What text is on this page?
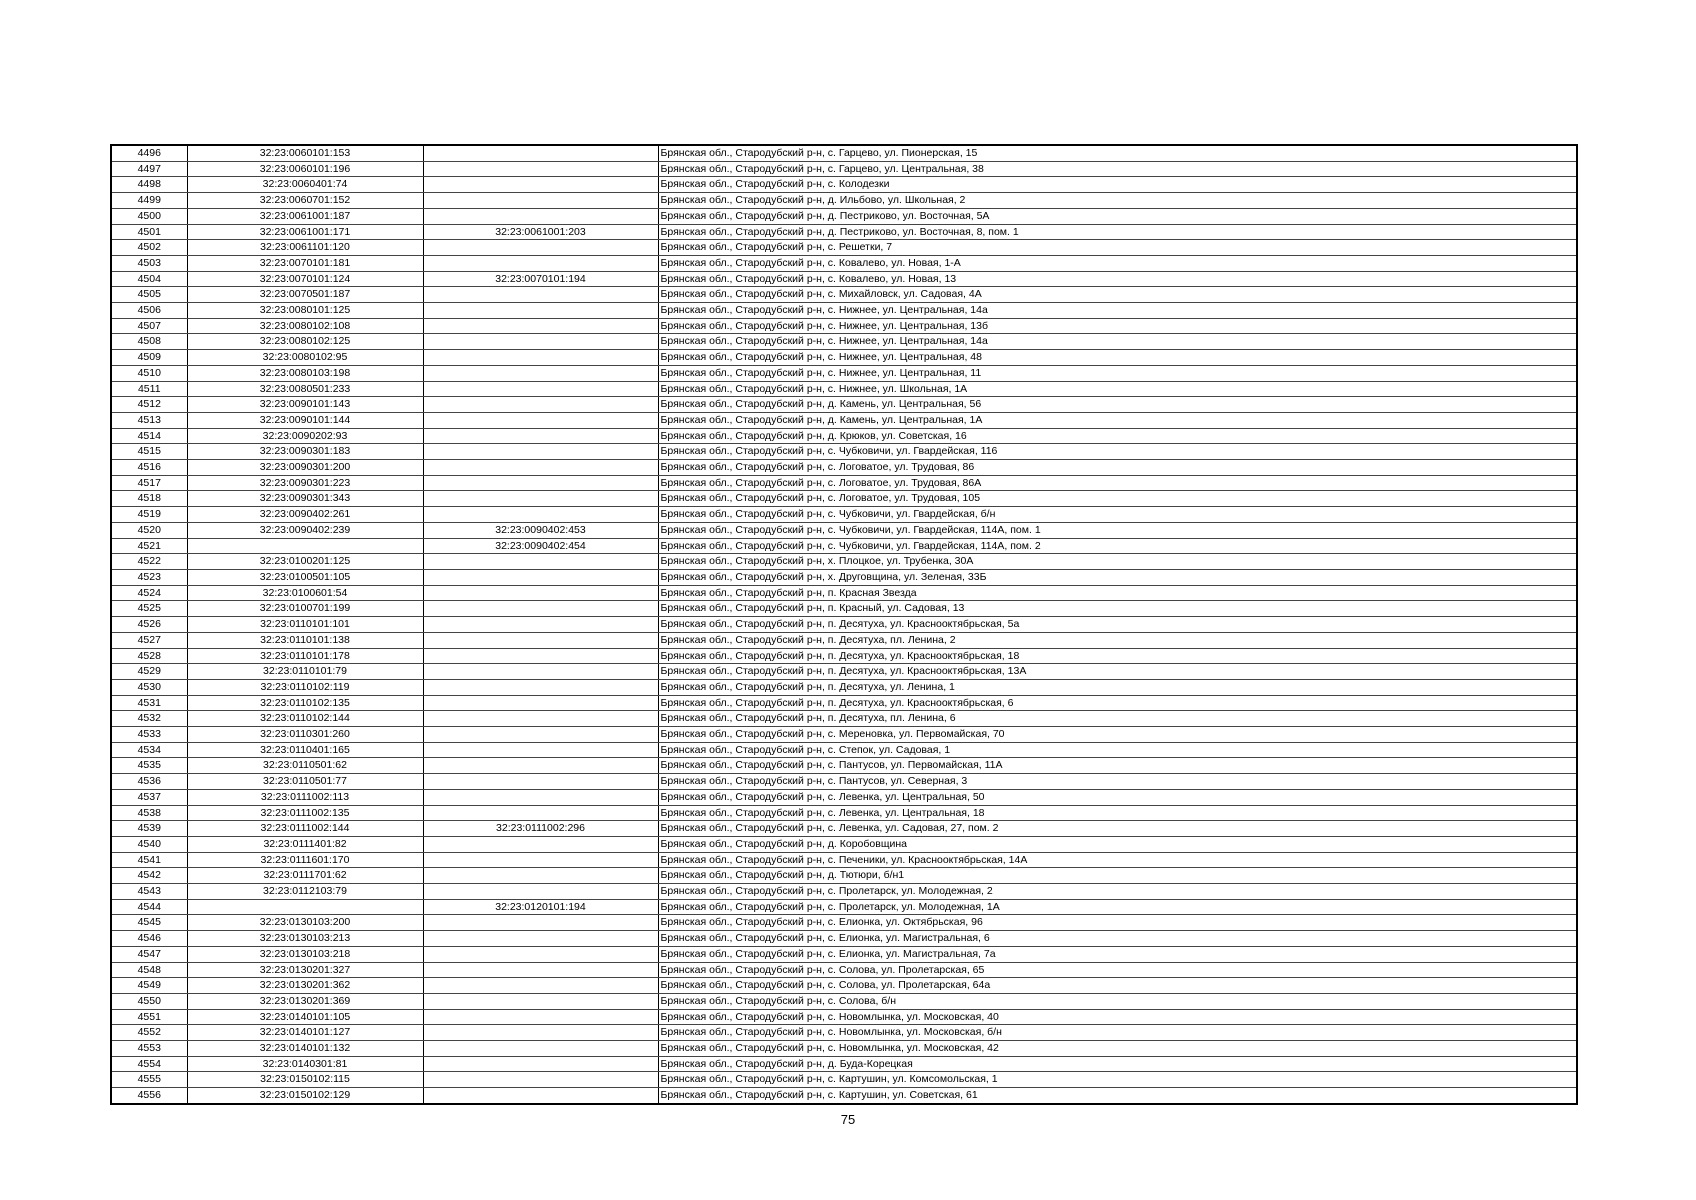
4496	32:23:0060101:153		Брянская обл., Стародубский р-н, с. Гарцево, ул. Пионерская, 15
4497	32:23:0060101:196		Брянская обл., Стародубский р-н, с. Гарцево, ул. Центральная, 38
4498	32:23:0060401:74		Брянская обл., Стародубский р-н, с. Колодезки
4499	32:23:0060701:152		Брянская обл., Стародубский р-н, д. Ильбово, ул. Школьная, 2
4500	32:23:0061001:187		Брянская обл., Стародубский р-н, д. Пестриково, ул. Восточная, 5А
4501	32:23:0061001:171	32:23:0061001:203	Брянская обл., Стародубский р-н, д. Пестриково, ул. Восточная, 8, пом. 1
4502	32:23:0061101:120		Брянская обл., Стародубский р-н, с. Решетки, 7
4503	32:23:0070101:181		Брянская обл., Стародубский р-н, с. Ковалево, ул. Новая, 1-А
4504	32:23:0070101:124	32:23:0070101:194	Брянская обл., Стародубский р-н, с. Ковалево, ул. Новая, 13
4505	32:23:0070501:187		Брянская обл., Стародубский р-н, с. Михайловск, ул. Садовая, 4А
4506	32:23:0080101:125		Брянская обл., Стародубский р-н, с. Нижнее, ул. Центральная, 14а
4507	32:23:0080102:108		Брянская обл., Стародубский р-н, с. Нижнее, ул. Центральная, 13б
4508	32:23:0080102:125		Брянская обл., Стародубский р-н, с. Нижнее, ул. Центральная, 14а
4509	32:23:0080102:95		Брянская обл., Стародубский р-н, с. Нижнее, ул. Центральная, 48
4510	32:23:0080103:198		Брянская обл., Стародубский р-н, с. Нижнее, ул. Центральная, 11
4511	32:23:0080501:233		Брянская обл., Стародубский р-н, с. Нижнее, ул. Школьная, 1А
4512	32:23:0090101:143		Брянская обл., Стародубский р-н, д. Камень, ул. Центральная, 56
4513	32:23:0090101:144		Брянская обл., Стародубский р-н, д. Камень, ул. Центральная, 1А
4514	32:23:0090202:93		Брянская обл., Стародубский р-н, д. Крюков, ул. Советская, 16
4515	32:23:0090301:183		Брянская обл., Стародубский р-н, с. Чубковичи, ул. Гвардейская, 116
4516	32:23:0090301:200		Брянская обл., Стародубский р-н, с. Логоватое, ул. Трудовая, 86
4517	32:23:0090301:223		Брянская обл., Стародубский р-н, с. Логоватое, ул. Трудовая, 86А
4518	32:23:0090301:343		Брянская обл., Стародубский р-н, с. Логоватое, ул. Трудовая, 105
4519	32:23:0090402:261		Брянская обл., Стародубский р-н, с. Чубковичи, ул. Гвардейская, б/н
4520	32:23:0090402:239	32:23:0090402:453	Брянская обл., Стародубский р-н, с. Чубковичи, ул. Гвардейская, 114А, пом. 1
4521		32:23:0090402:454	Брянская обл., Стародубский р-н, с. Чубковичи, ул. Гвардейская, 114А, пом. 2
4522	32:23:0100201:125		Брянская обл., Стародубский р-н, х. Плоцкое, ул. Трубенка, 30А
4523	32:23:0100501:105		Брянская обл., Стародубский р-н, х. Друговщина, ул. Зеленая, 33Б
4524	32:23:0100601:54		Брянская обл., Стародубский р-н, п. Красная Звезда
4525	32:23:0100701:199		Брянская обл., Стародубский р-н, п. Красный, ул. Садовая, 13
4526	32:23:0110101:101		Брянская обл., Стародубский р-н, п. Десятуха, ул. Краснооктябрьская, 5а
4527	32:23:0110101:138		Брянская обл., Стародубский р-н, п. Десятуха, пл. Ленина, 2
4528	32:23:0110101:178		Брянская обл., Стародубский р-н, п. Десятуха, ул. Краснооктябрьская, 18
4529	32:23:0110101:79		Брянская обл., Стародубский р-н, п. Десятуха, ул. Краснооктябрьская, 13А
4530	32:23:0110102:119		Брянская обл., Стародубский р-н, п. Десятуха, ул. Ленина, 1
4531	32:23:0110102:135		Брянская обл., Стародубский р-н, п. Десятуха, ул. Краснооктябрьская, 6
4532	32:23:0110102:144		Брянская обл., Стародубский р-н, п. Десятуха, пл. Ленина, 6
4533	32:23:0110301:260		Брянская обл., Стародубский р-н, с. Мереновка, ул. Первомайская, 70
4534	32:23:0110401:165		Брянская обл., Стародубский р-н, с. Степок, ул. Садовая, 1
4535	32:23:0110501:62		Брянская обл., Стародубский р-н, с. Пантусов, ул. Первомайская, 11А
4536	32:23:0110501:77		Брянская обл., Стародубский р-н, с. Пантусов, ул. Северная, 3
4537	32:23:0111002:113		Брянская обл., Стародубский р-н, с. Левенка, ул. Центральная, 50
4538	32:23:0111002:135		Брянская обл., Стародубский р-н, с. Левенка, ул. Центральная, 18
4539	32:23:0111002:144	32:23:0111002:296	Брянская обл., Стародубский р-н, с. Левенка, ул. Садовая, 27, пом. 2
4540	32:23:0111401:82		Брянская обл., Стародубский р-н, д. Коробовщина
4541	32:23:0111601:170		Брянская обл., Стародубский р-н, с. Печеники, ул. Краснооктябрьская, 14А
4542	32:23:0111701:62		Брянская обл., Стародубский р-н, д. Тютюри, б/н1
4543	32:23:0112103:79		Брянская обл., Стародубский р-н, с. Пролетарск, ул. Молодежная, 2
4544		32:23:0120101:194	Брянская обл., Стародубский р-н, с. Пролетарск, ул. Молодежная, 1А
4545	32:23:0130103:200		Брянская обл., Стародубский р-н, с. Елионка, ул. Октябрьская, 96
4546	32:23:0130103:213		Брянская обл., Стародубский р-н, с. Елионка, ул. Магистральная, 6
4547	32:23:0130103:218		Брянская обл., Стародубский р-н, с. Елионка, ул. Магистральная, 7а
4548	32:23:0130201:327		Брянская обл., Стародубский р-н, с. Солова, ул. Пролетарская, 65
4549	32:23:0130201:362		Брянская обл., Стародубский р-н, с. Солова, ул. Пролетарская, 64а
4550	32:23:0130201:369		Брянская обл., Стародубский р-н, с. Солова, б/н
4551	32:23:0140101:105		Брянская обл., Стародубский р-н, с. Новомлынка, ул. Московская, 40
4552	32:23:0140101:127		Брянская обл., Стародубский р-н, с. Новомлынка, ул. Московская, б/н
4553	32:23:0140101:132		Брянская обл., Стародубский р-н, с. Новомлынка, ул. Московская, 42
4554	32:23:0140301:81		Брянская обл., Стародубский р-н, д. Буда-Корецкая
4555	32:23:0150102:115		Брянская обл., Стародубский р-н, с. Картушин, ул. Комсомольская, 1
4556	32:23:0150102:129		Брянская обл., Стародубский р-н, с. Картушин, ул. Советская, 61
75
